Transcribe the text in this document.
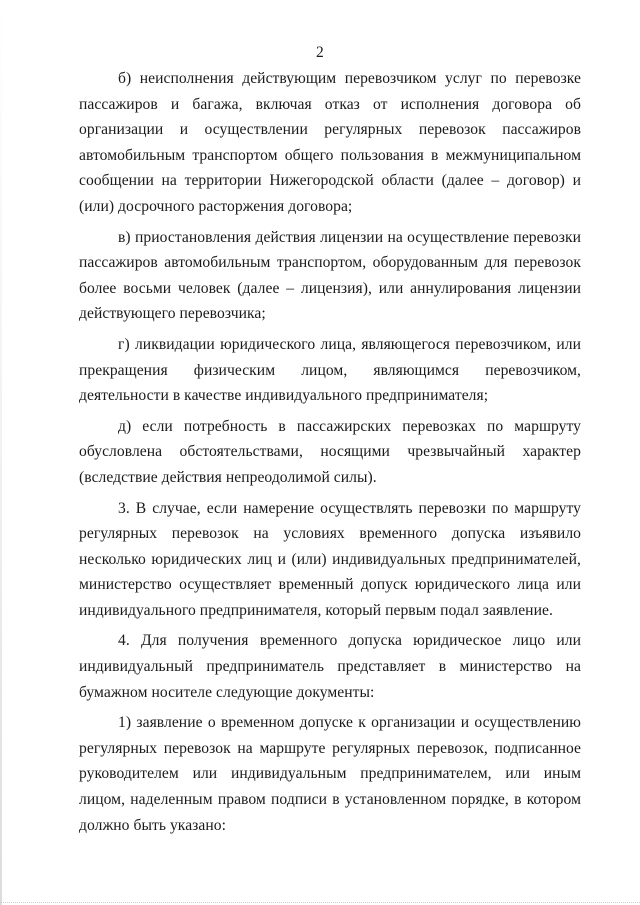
2

б) неисполнения действующим перевозчиком услуг по перевозке пассажиров и багажа, включая отказ от исполнения договора об организации и осуществлении регулярных перевозок пассажиров автомобильным транспортом общего пользования в межмуниципальном сообщении на территории Нижегородской области (далее – договор) и (или) досрочного расторжения договора;

в) приостановления действия лицензии на осуществление перевозки пассажиров автомобильным транспортом, оборудованным для перевозок более восьми человек (далее – лицензия), или аннулирования лицензии действующего перевозчика;

г) ликвидации юридического лица, являющегося перевозчиком, или прекращения физическим лицом, являющимся перевозчиком, деятельности в качестве индивидуального предпринимателя;

д) если потребность в пассажирских перевозках по маршруту обусловлена обстоятельствами, носящими чрезвычайный характер (вследствие действия непреодолимой силы).

3. В случае, если намерение осуществлять перевозки по маршруту регулярных перевозок на условиях временного допуска изъявило несколько юридических лиц и (или) индивидуальных предпринимателей, министерство осуществляет временный допуск юридического лица или индивидуального предпринимателя, который первым подал заявление.

4. Для получения временного допуска юридическое лицо или индивидуальный предприниматель представляет в министерство на бумажном носителе следующие документы:

1) заявление о временном допуске к организации и осуществлению регулярных перевозок на маршруте регулярных перевозок, подписанное руководителем или индивидуальным предпринимателем, или иным лицом, наделенным правом подписи в установленном порядке, в котором должно быть указано:
